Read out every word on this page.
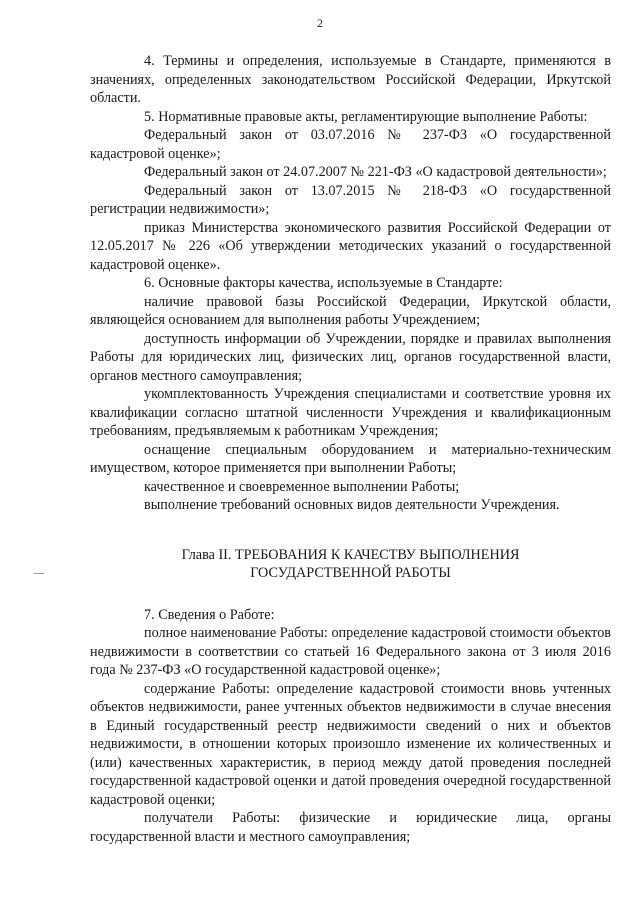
2

4. Термины и определения, используемые в Стандарте, применяются в значениях, определенных законодательством Российской Федерации, Иркутской области.

5. Нормативные правовые акты, регламентирующие выполнение Работы:

Федеральный закон от 03.07.2016 № 237-ФЗ «О государственной кадастровой оценке»;

Федеральный закон от 24.07.2007 № 221-ФЗ «О кадастровой деятельности»;

Федеральный закон от 13.07.2015 № 218-ФЗ «О государственной регистрации недвижимости»;

приказ Министерства экономического развития Российской Федерации от 12.05.2017 № 226 «Об утверждении методических указаний о государственной кадастровой оценке».

6. Основные факторы качества, используемые в Стандарте:

наличие правовой базы Российской Федерации, Иркутской области, являющейся основанием для выполнения работы Учреждением;

доступность информации об Учреждении, порядке и правилах выполнения Работы для юридических лиц, физических лиц, органов государственной власти, органов местного самоуправления;

укомплектованность Учреждения специалистами и соответствие уровня их квалификации согласно штатной численности Учреждения и квалификационным требованиям, предъявляемым к работникам Учреждения;

оснащение специальным оборудованием и материально-техническим имуществом, которое применяется при выполнении Работы;

качественное и своевременное выполнении Работы;

выполнение требований основных видов деятельности Учреждения.

Глава II. ТРЕБОВАНИЯ К КАЧЕСТВУ ВЫПОЛНЕНИЯ
ГОСУДАРСТВЕННОЙ РАБОТЫ

7. Сведения о Работе:

полное наименование Работы: определение кадастровой стоимости объектов недвижимости в соответствии со статьей 16 Федерального закона от 3 июля 2016 года № 237-ФЗ «О государственной кадастровой оценке»;

содержание Работы: определение кадастровой стоимости вновь учтенных объектов недвижимости, ранее учтенных объектов недвижимости в случае внесения в Единый государственный реестр недвижимости сведений о них и объектов недвижимости, в отношении которых произошло изменение их количественных и (или) качественных характеристик, в период между датой проведения последней государственной кадастровой оценки и датой проведения очередной государственной кадастровой оценки;

получатели Работы: физические и юридические лица, органы государственной власти и местного самоуправления;
